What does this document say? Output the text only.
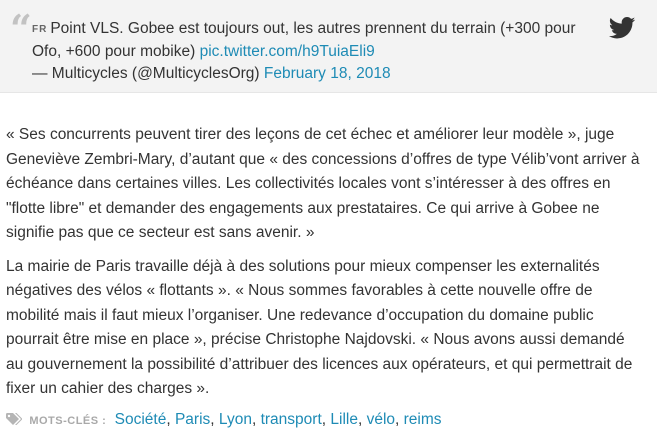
“ FR Point VLS. Gobee est toujours out, les autres prennent du terrain (+300 pour Ofo, +600 pour mobike) pic.twitter.com/h9TuiaEli9
— Multicycles (@MulticyclesOrg) February 18, 2018

« Ses concurrents peuvent tirer des leçons de cet échec et améliorer leur modèle », juge Geneviève Zembri-Mary, d’autant que « des concessions d’offres de type Vélib’vont arriver à échéance dans certaines villes. Les collectivités locales vont s’intéresser à des offres en "flotte libre" et demander des engagements aux prestataires. Ce qui arrive à Gobee ne signifie pas que ce secteur est sans avenir. »

La mairie de Paris travaille déjà à des solutions pour mieux compenser les externalités négatives des vélos « flottants ». « Nous sommes favorables à cette nouvelle offre de mobilité mais il faut mieux l’organiser. Une redevance d’occupation du domaine public pourrait être mise en place », précise Christophe Najdovski. « Nous avons aussi demandé au gouvernement la possibilité d’attribuer des licences aux opérateurs, et qui permettrait de fixer un cahier des charges ».

MOTS-CLÉS : Société, Paris, Lyon, transport, Lille, vélo, reims
